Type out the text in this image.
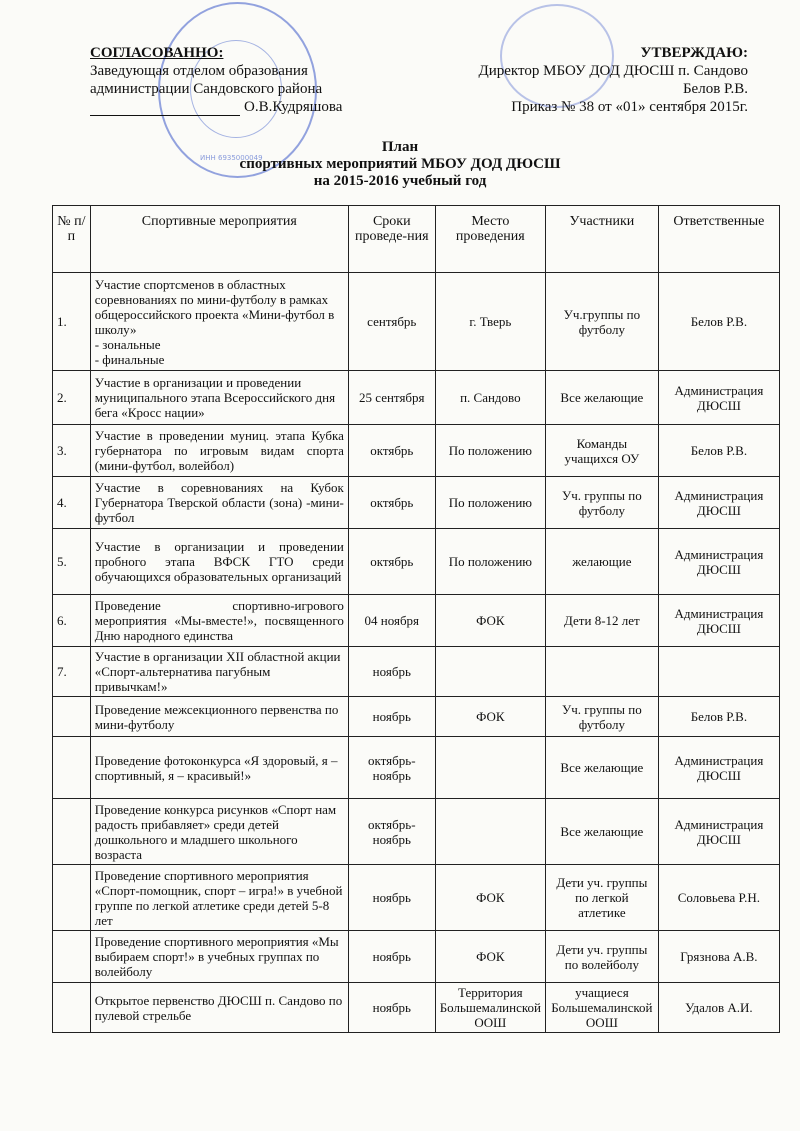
ИНН 6935000049
СОГЛАСОВАННО:
Заведующая отделом образования
администрации Сандовского района
О.В.Кудряшова
УТВЕРЖДАЮ:
Директор МБОУ ДОД ДЮСШ п. Сандово
Белов Р.В.
Приказ № 38 от «01» сентября 2015г.
План
спортивных мероприятий МБОУ ДОД ДЮСШ
на 2015-2016 учебный год
№ п/п	Спортивные мероприятия	Сроки проведе-ния	Место проведения	Участники	Ответственные
1.	Участие спортсменов в областных соревнованиях по мини-футболу в рамках общероссийского проекта «Мини-футбол в школу»
- зональные
- финальные	сентябрь	г. Тверь	Уч.группы по футболу	Белов Р.В.
2.	Участие в организации и проведении муниципального этапа Всероссийского дня бега «Кросс нации»	25 сентября	п. Сандово	Все желающие	Администрация ДЮСШ
3.	Участие в проведении муниц. этапа Кубка губернатора по игровым видам спорта (мини-футбол, волейбол)	октябрь	По положению	Команды учащихся ОУ	Белов Р.В.
4.	Участие в соревнованиях на Кубок Губернатора Тверской области (зона) -мини-футбол	октябрь	По положению	Уч. группы по футболу	Администрация ДЮСШ
5.	Участие в организации и проведении пробного этапа ВФСК ГТО среди обучающихся образовательных организаций	октябрь	По положению	желающие	Администрация ДЮСШ
6.	Проведение спортивно-игрового мероприятия «Мы-вместе!», посвященного Дню народного единства	04 ноября	ФОК	Дети 8-12 лет	Администрация ДЮСШ
7.	Участие в организации XII областной акции «Спорт-альтернатива пагубным привычкам!»	ноябрь			
	Проведение межсекционного первенства по мини-футболу	ноябрь	ФОК	Уч. группы по футболу	Белов Р.В.
	Проведение фотоконкурса «Я здоровый, я – спортивный, я – красивый!»	октябрь-ноябрь		Все желающие	Администрация ДЮСШ
	Проведение конкурса рисунков «Спорт нам радость прибавляет» среди детей дошкольного и младшего школьного возраста	октябрь-ноябрь		Все желающие	Администрация ДЮСШ
	Проведение спортивного мероприятия «Спорт-помощник, спорт – игра!» в учебной группе по легкой атлетике среди детей 5-8 лет	ноябрь	ФОК	Дети уч. группы по легкой атлетике	Соловьева Р.Н.
	Проведение спортивного мероприятия «Мы выбираем спорт!» в учебных группах по волейболу	ноябрь	ФОК	Дети уч. группы по волейболу	Грязнова А.В.
	Открытое первенство ДЮСШ п. Сандово по пулевой стрельбе	ноябрь	Территория Большемалинской ООШ	учащиеся Большемалинской ООШ	Удалов А.И.
